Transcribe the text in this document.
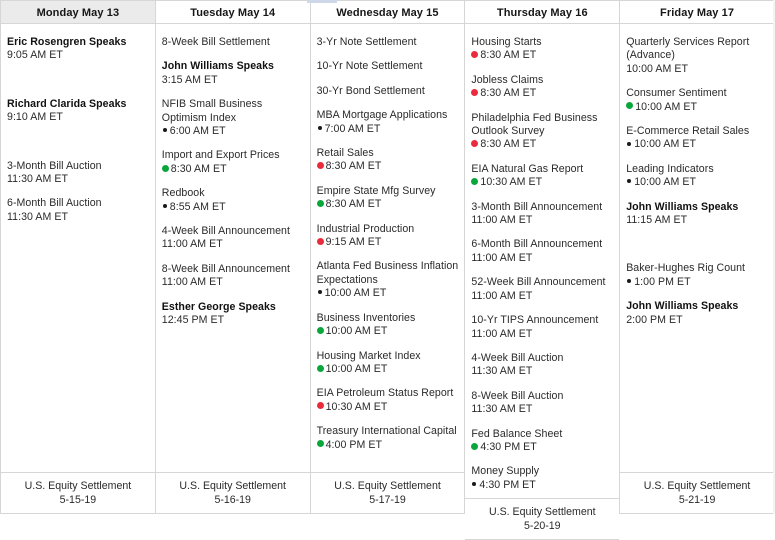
Monday May 13
Eric Rosengren Speaks
9:05 AM ET
Richard Clarida Speaks
9:10 AM ET
3-Month Bill Auction
11:30 AM ET
6-Month Bill Auction
11:30 AM ET
U.S. Equity Settlement
5-15-19
Tuesday May 14
8-Week Bill Settlement
John Williams Speaks
3:15 AM ET
NFIB Small Business Optimism Index
6:00 AM ET
Import and Export Prices
8:30 AM ET
Redbook
8:55 AM ET
4-Week Bill Announcement
11:00 AM ET
8-Week Bill Announcement
11:00 AM ET
Esther George Speaks
12:45 PM ET
U.S. Equity Settlement
5-16-19
Wednesday May 15
3-Yr Note Settlement
10-Yr Note Settlement
30-Yr Bond Settlement
MBA Mortgage Applications
7:00 AM ET
Retail Sales
8:30 AM ET
Empire State Mfg Survey
8:30 AM ET
Industrial Production
9:15 AM ET
Atlanta Fed Business Inflation Expectations
10:00 AM ET
Business Inventories
10:00 AM ET
Housing Market Index
10:00 AM ET
EIA Petroleum Status Report
10:30 AM ET
Treasury International Capital
4:00 PM ET
U.S. Equity Settlement
5-17-19
Thursday May 16
Housing Starts
8:30 AM ET
Jobless Claims
8:30 AM ET
Philadelphia Fed Business Outlook Survey
8:30 AM ET
EIA Natural Gas Report
10:30 AM ET
3-Month Bill Announcement
11:00 AM ET
6-Month Bill Announcement
11:00 AM ET
52-Week Bill Announcement
11:00 AM ET
10-Yr TIPS Announcement
11:00 AM ET
4-Week Bill Auction
11:30 AM ET
8-Week Bill Auction
11:30 AM ET
Fed Balance Sheet
4:30 PM ET
Money Supply
4:30 PM ET
U.S. Equity Settlement
5-20-19
Friday May 17
Quarterly Services Report (Advance)
10:00 AM ET
Consumer Sentiment
10:00 AM ET
E-Commerce Retail Sales
10:00 AM ET
Leading Indicators
10:00 AM ET
John Williams Speaks
11:15 AM ET
Baker-Hughes Rig Count
1:00 PM ET
John Williams Speaks
2:00 PM ET
U.S. Equity Settlement
5-21-19
